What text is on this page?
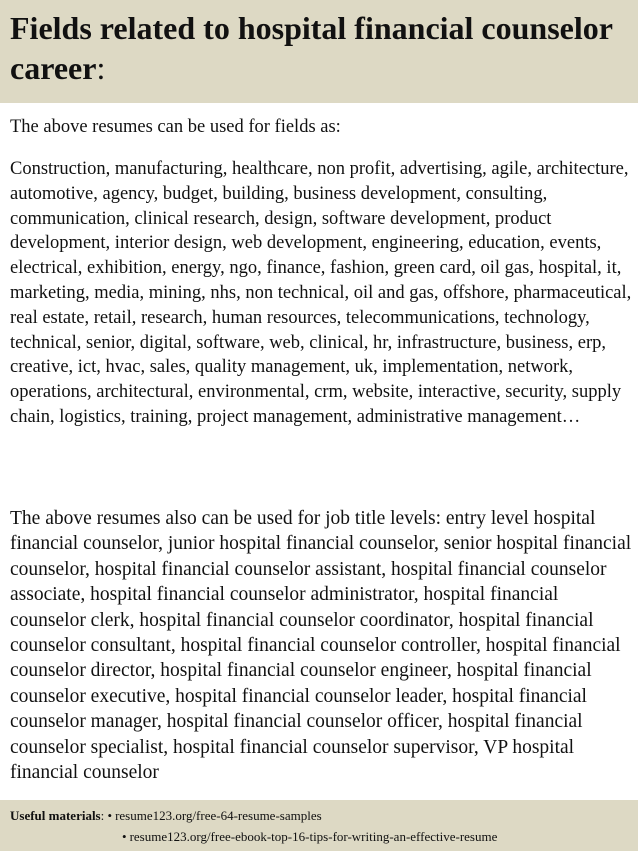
Fields related to hospital financial counselor career:

The above resumes can be used for fields as:

Construction, manufacturing, healthcare, non profit, advertising, agile, architecture, automotive, agency, budget, building, business development, consulting, communication, clinical research, design, software development, product development, interior design, web development, engineering, education, events, electrical, exhibition, energy, ngo, finance, fashion, green card, oil gas, hospital, it, marketing, media, mining, nhs, non technical, oil and gas, offshore, pharmaceutical, real estate, retail, research, human resources, telecommunications, technology, technical, senior, digital, software, web, clinical, hr, infrastructure, business, erp, creative, ict, hvac, sales, quality management, uk, implementation, network, operations, architectural, environmental, crm, website, interactive, security, supply chain, logistics, training, project management, administrative management…

The above resumes also can be used for job title levels: entry level hospital financial counselor, junior hospital financial counselor, senior hospital financial counselor, hospital financial counselor assistant, hospital financial counselor associate, hospital financial counselor administrator, hospital financial counselor clerk, hospital financial counselor coordinator, hospital financial counselor consultant, hospital financial counselor controller, hospital financial counselor director, hospital financial counselor engineer, hospital financial counselor executive, hospital financial counselor leader, hospital financial counselor manager, hospital financial counselor officer, hospital financial counselor specialist, hospital financial counselor supervisor, VP hospital financial counselor

Useful materials: • resume123.org/free-64-resume-samples
• resume123.org/free-ebook-top-16-tips-for-writing-an-effective-resume
